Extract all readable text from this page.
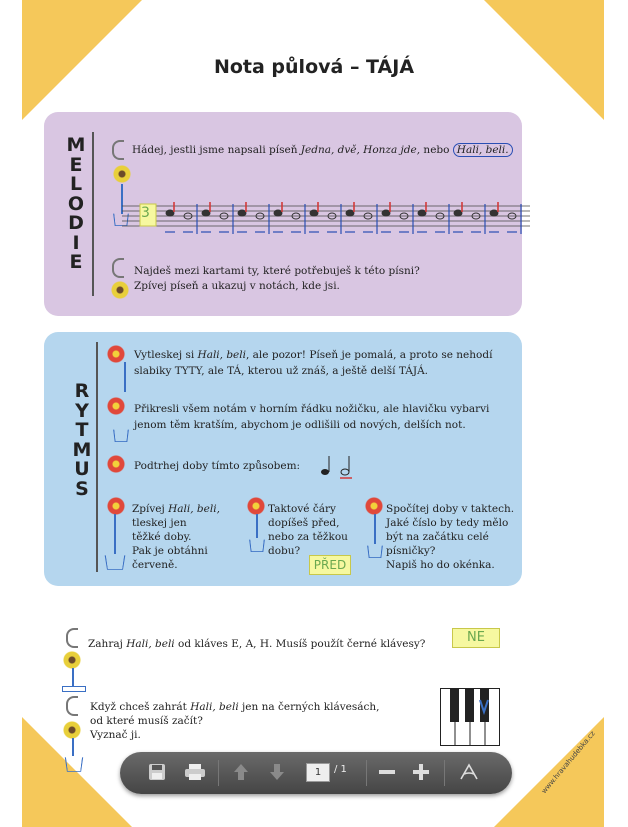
Nota půlová – TÁJÁ
M
E
L
O
D
I
E
Hádej, jestli jsme napsali píseň Jedna, dvě, Honza jde, nebo Hali, beli.
3
Najdeš mezi kartami ty, které potřebuješ k této písni?
Zpívej píseň a ukazuj v notách, kde jsi.
R
Y
T
M
U
S
Vytleskej si Hali, beli, ale pozor! Píseň je pomalá, a proto se nehodí
slabiky TYTY, ale TÁ, kterou už znáš, a ještě delší TÁJÁ.
Přikresli všem notám v horním řádku nožičku, ale hlavičku vybarvi
jenom těm kratším, abychom je odlišili od nových, delších not.
Podtrhej doby tímto způsobem:
Zpívej Hali, beli,
tleskej jen
těžké doby.
Pak je obtáhni
červeně.
Taktové čáry
dopíšeš před,
nebo za těžkou
dobu?
PŘED
Spočítej doby v taktech.
Jaké číslo by tedy mělo
být na začátku celé
písničky?
Napiš ho do okénka.
Zahraj Hali, beli od kláves E, A, H. Musíš použít černé klávesy?	NE
Když chceš zahrát Hali, beli jen na černých klávesách,
od které musíš začít?
Vyznač ji.
1	/ 1	www.hravahudebka.cz
